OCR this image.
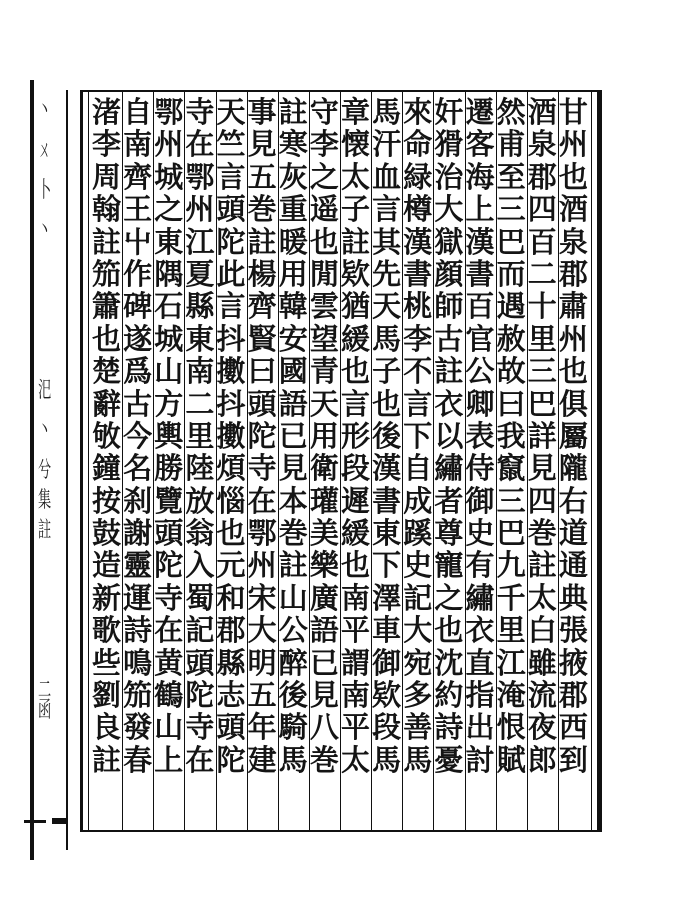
丶
ㄨ
卜
丶
汜
丶
兮
集
註
二
函
甘
州
也
酒
泉
郡
肅
州
也
俱
屬
隴
右
道
通
典
張
掖
郡
西
到
酒
泉
郡
四
百
二
十
里
三
巴
詳
見
四
巻
註
太
白
雖
流
夜
郎
然
甫
至
三
巴
而
遇
赦
故
曰
我
竄
三
巴
九
千
里
江
淹
恨
賦
遷
客
海
上
漢
書
百
官
公
卿
表
侍
御
史
有
繡
衣
直
指
出
討
奸
猾
治
大
獄
顔
師
古
註
衣
以
繡
者
尊
寵
之
也
沈
約
詩
憂
來
命
緑
樽
漢
書
桃
李
不
言
下
自
成
蹊
史
記
大
宛
多
善
馬
馬
汗
血
言
其
先
天
馬
子
也
後
漢
書
東
下
澤
車
御
欵
段
馬
章
懐
太
子
註
欵
猶
緩
也
言
形
段
遲
緩
也
南
平
謂
南
平
太
守
李
之
遥
也
閒
雲
望
青
天
用
衛
瓘
美
樂
廣
語
已
見
八
巻
註
寒
灰
重
暖
用
韓
安
國
語
已
見
本
巻
註
山
公
醉
後
騎
馬
事
見
五
巻
註
楊
齊
賢
曰
頭
陀
寺
在
鄂
州
宋
大
明
五
年
建
天
竺
言
頭
陀
此
言
抖
擻
抖
擻
煩
惱
也
元
和
郡
縣
志
頭
陀
寺
在
鄂
州
江
夏
縣
東
南
二
里
陸
放
翁
入
蜀
記
頭
陀
寺
在
鄂
州
城
之
東
隅
石
城
山
方
輿
勝
覽
頭
陀
寺
在
黄
鶴
山
上
自
南
齊
王
屮
作
碑
遂
爲
古
今
名
刹
謝
靈
運
詩
鳴
笳
發
春
渚
李
周
翰
註
笳
簫
也
楚
辭
敂
鐘
按
鼓
造
新
歌
些
劉
良
註
